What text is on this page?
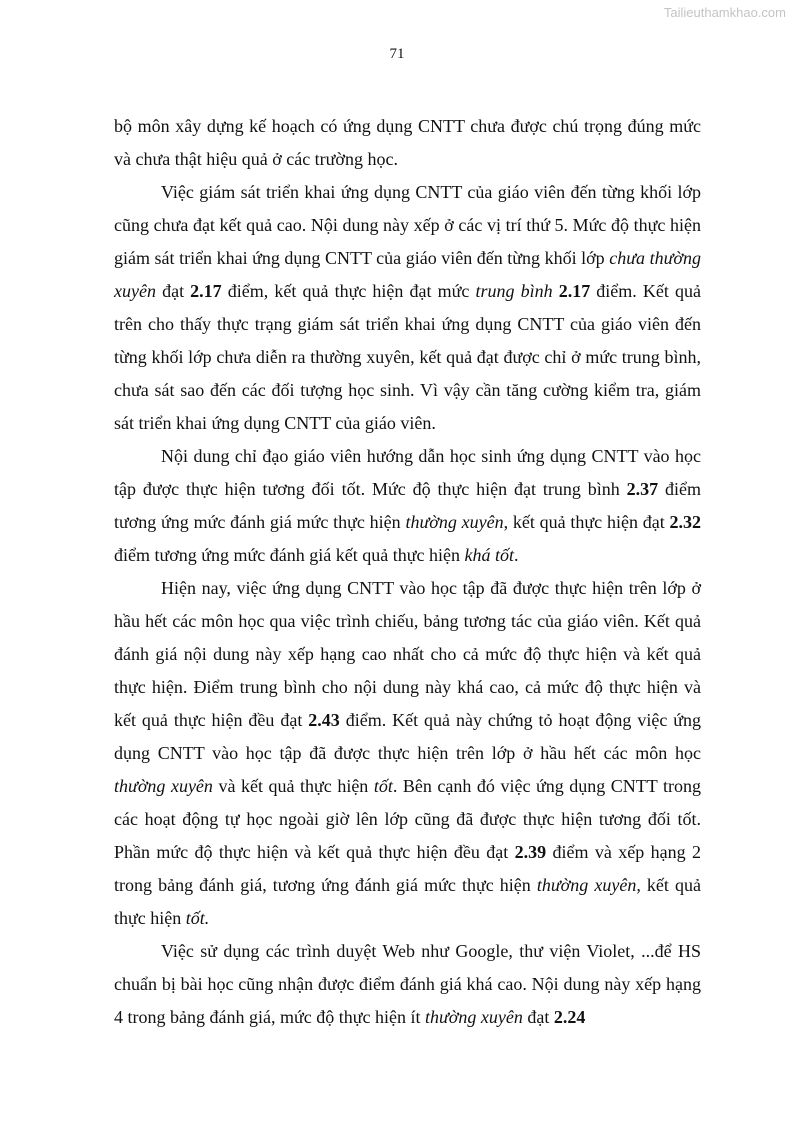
Tailieuthamkhao.com
71

bộ môn xây dựng kế hoạch có ứng dụng CNTT chưa được chú trọng đúng mức và chưa thật hiệu quả ở các trường học.

Việc giám sát triển khai ứng dụng CNTT của giáo viên đến từng khối lớp cũng chưa đạt kết quả cao. Nội dung này xếp ở các vị trí thứ 5. Mức độ thực hiện giám sát triển khai ứng dụng CNTT của giáo viên đến từng khối lớp chưa thường xuyên đạt 2.17 điểm, kết quả thực hiện đạt mức trung bình 2.17 điểm. Kết quả trên cho thấy thực trạng giám sát triển khai ứng dụng CNTT của giáo viên đến từng khối lớp chưa diễn ra thường xuyên, kết quả đạt được chỉ ở mức trung bình, chưa sát sao đến các đối tượng học sinh. Vì vậy cần tăng cường kiểm tra, giám sát triển khai ứng dụng CNTT của giáo viên.

Nội dung chỉ đạo giáo viên hướng dẫn học sinh ứng dụng CNTT vào học tập được thực hiện tương đối tốt. Mức độ thực hiện đạt trung bình 2.37 điểm tương ứng mức đánh giá mức thực hiện thường xuyên, kết quả thực hiện đạt 2.32 điểm tương ứng mức đánh giá kết quả thực hiện khá tốt.

Hiện nay, việc ứng dụng CNTT vào học tập đã được thực hiện trên lớp ở hầu hết các môn học qua việc trình chiếu, bảng tương tác của giáo viên. Kết quả đánh giá nội dung này xếp hạng cao nhất cho cả mức độ thực hiện và kết quả thực hiện. Điểm trung bình cho nội dung này khá cao, cả mức độ thực hiện và kết quả thực hiện đều đạt 2.43 điểm. Kết quả này chứng tỏ hoạt động việc ứng dụng CNTT vào học tập đã được thực hiện trên lớp ở hầu hết các môn học thường xuyên và kết quả thực hiện tốt. Bên cạnh đó việc ứng dụng CNTT trong các hoạt động tự học ngoài giờ lên lớp cũng đã được thực hiện tương đối tốt. Phần mức độ thực hiện và kết quả thực hiện đều đạt 2.39 điểm và xếp hạng 2 trong bảng đánh giá, tương ứng đánh giá mức thực hiện thường xuyên, kết quả thực hiện tốt.

Việc sử dụng các trình duyệt Web như Google, thư viện Violet, ...để HS chuẩn bị bài học cũng nhận được điểm đánh giá khá cao. Nội dung này xếp hạng 4 trong bảng đánh giá, mức độ thực hiện ít thường xuyên đạt 2.24
